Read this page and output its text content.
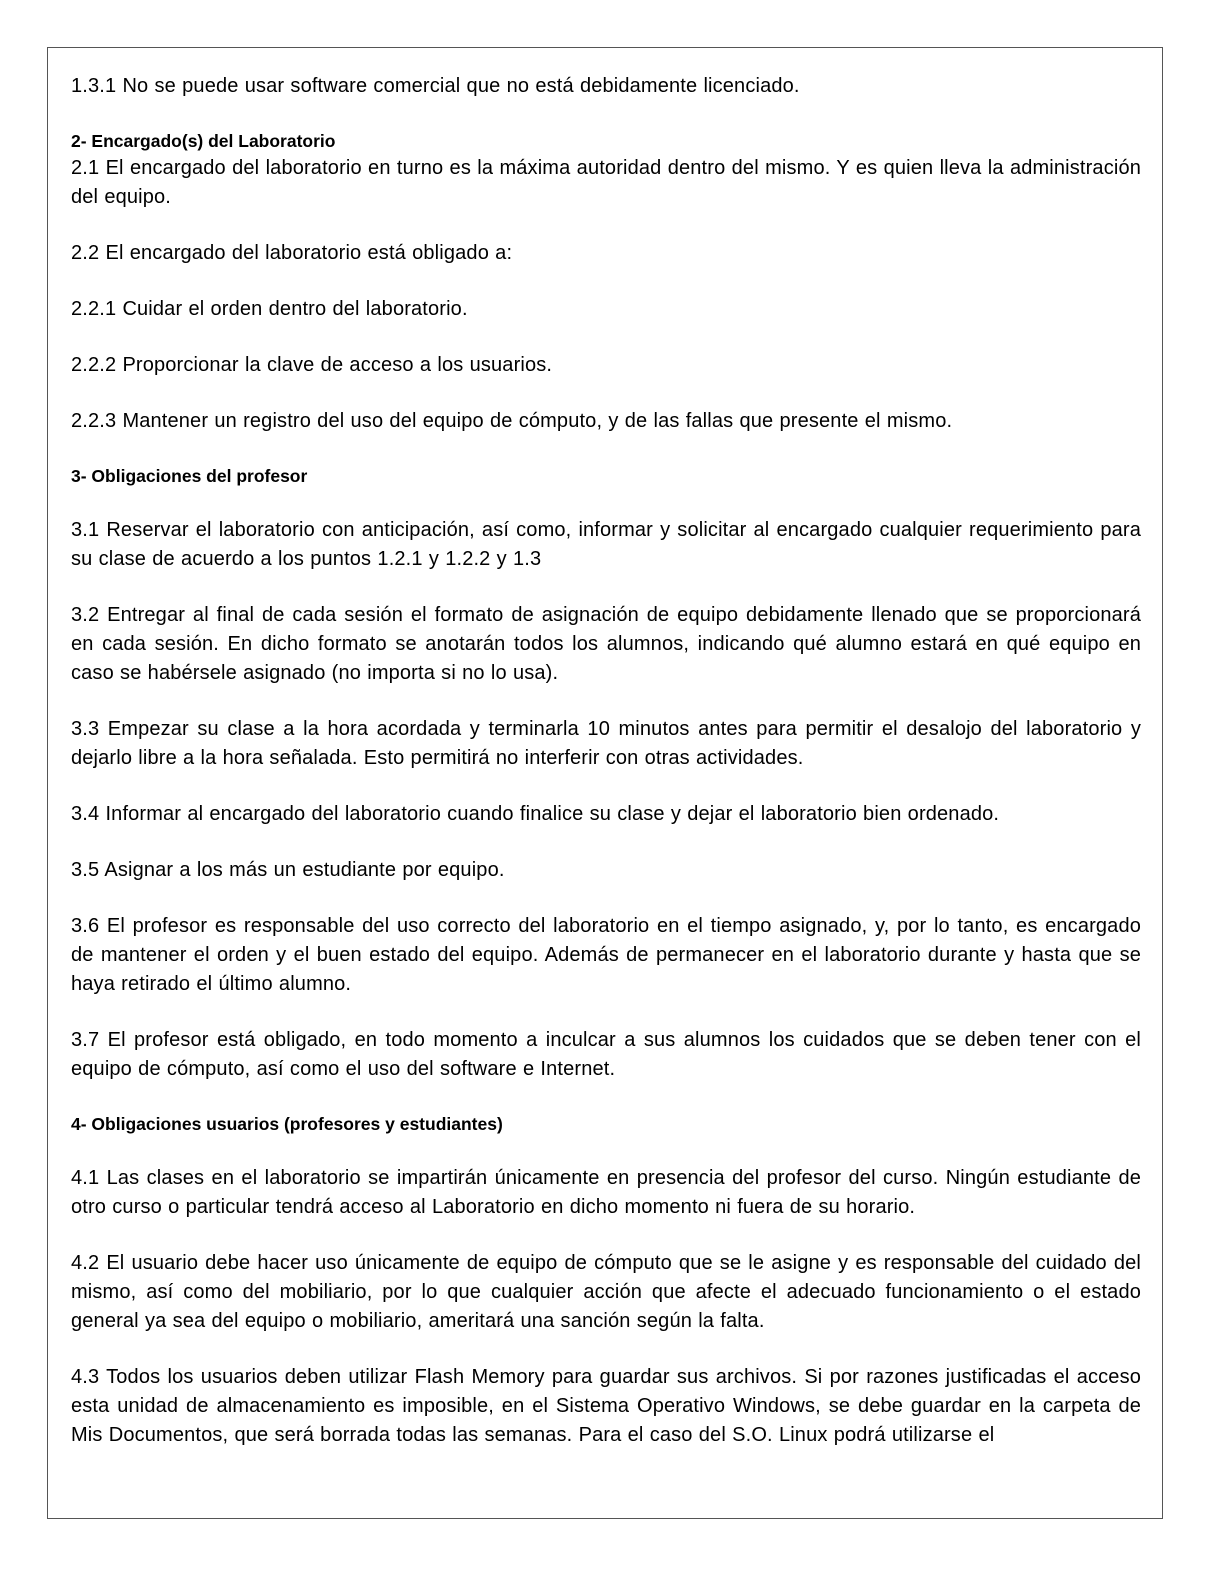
1.3.1 No se puede usar software comercial que no está debidamente licenciado.

2- Encargado(s) del Laboratorio

2.1 El encargado del laboratorio en turno es la máxima autoridad dentro del mismo. Y es quien lleva la administración del equipo.

2.2 El encargado del laboratorio está obligado a:

2.2.1 Cuidar el orden dentro del laboratorio.

2.2.2 Proporcionar la clave de acceso a los usuarios.

2.2.3 Mantener un registro del uso del equipo de cómputo, y de las fallas que presente el mismo.

3- Obligaciones del profesor

3.1 Reservar el laboratorio con anticipación, así como, informar y solicitar al encargado cualquier requerimiento para su clase de acuerdo a los puntos 1.2.1 y 1.2.2 y 1.3

3.2 Entregar al final de cada sesión el formato de asignación de equipo debidamente llenado que se proporcionará en cada sesión. En dicho formato se anotarán todos los alumnos, indicando qué alumno estará en qué equipo en caso se habérsele asignado (no importa si no lo usa).

3.3 Empezar su clase a la hora acordada y terminarla 10 minutos antes para permitir el desalojo del laboratorio y dejarlo libre a la hora señalada. Esto permitirá no interferir con otras actividades.

3.4 Informar al encargado del laboratorio cuando finalice su clase y dejar el laboratorio bien ordenado.

3.5 Asignar a los más un estudiante por equipo.

3.6 El profesor es responsable del uso correcto del laboratorio en el tiempo asignado, y, por lo tanto, es encargado de mantener el orden y el buen estado del equipo. Además de permanecer en el laboratorio durante y hasta que se haya retirado el último alumno.

3.7 El profesor está obligado, en todo momento a inculcar a sus alumnos los cuidados que se deben tener con el equipo de cómputo, así como el uso del software e Internet.

4- Obligaciones usuarios (profesores y estudiantes)

4.1 Las clases en el laboratorio se impartirán únicamente en presencia del profesor del curso. Ningún estudiante de otro curso o particular tendrá acceso al Laboratorio en dicho momento ni fuera de su horario.

4.2 El usuario debe hacer uso únicamente de equipo de cómputo que se le asigne y es responsable del cuidado del mismo, así como del mobiliario, por lo que cualquier acción que afecte el adecuado funcionamiento o el estado general ya sea del equipo o mobiliario, ameritará una sanción según la falta.

4.3 Todos los usuarios deben utilizar Flash Memory para guardar sus archivos. Si por razones justificadas el acceso esta unidad de almacenamiento es imposible, en el Sistema Operativo Windows, se debe guardar en la carpeta de Mis Documentos, que será borrada todas las semanas. Para el caso del S.O. Linux podrá utilizarse el
